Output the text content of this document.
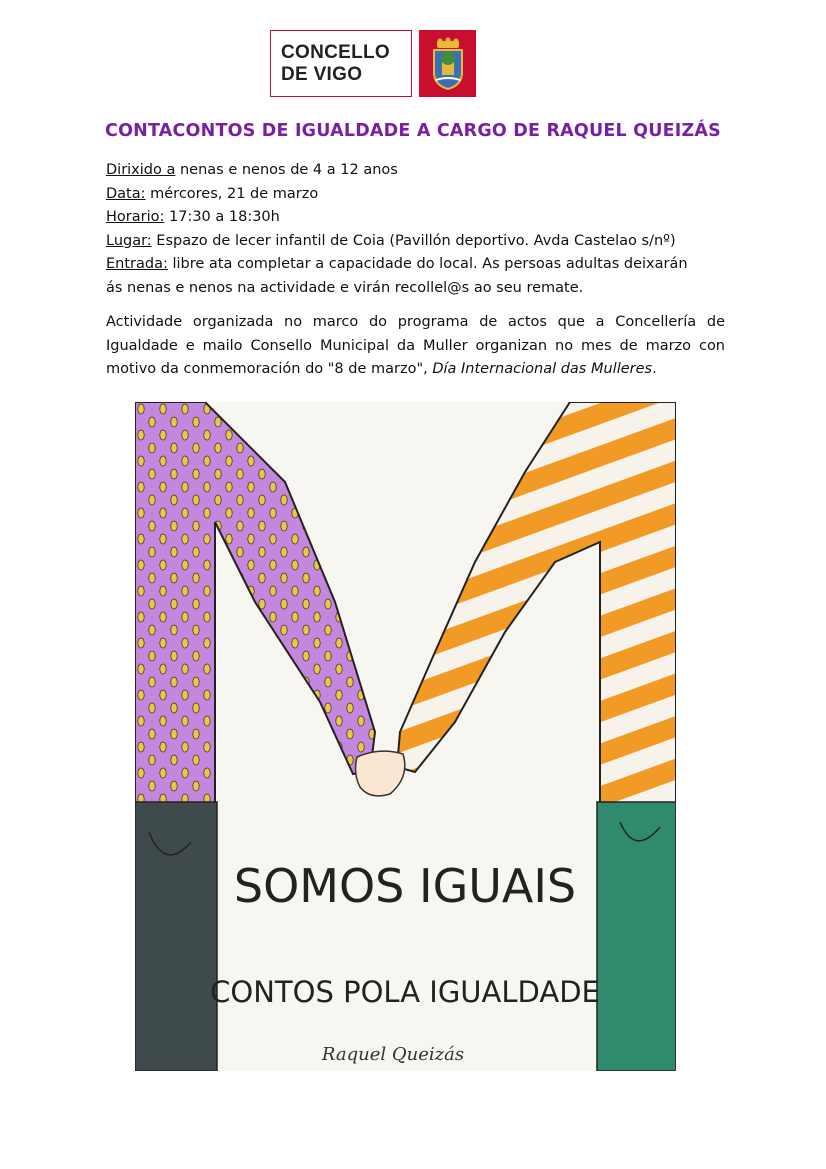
CONCELLO
DE VIGO
CONTACONTOS DE IGUALDADE A CARGO DE RAQUEL QUEIZÁS
Dirixido a nenas e nenos de 4 a 12 anos
Data: mércores, 21 de marzo
Horario: 17:30 a 18:30h
Lugar: Espazo de lecer infantil de Coia (Pavillón deportivo. Avda Castelao s/nº)
Entrada: libre ata completar a capacidade do local. As persoas adultas deixarán
ás nenas e nenos na actividade e virán recollel@s ao seu remate.
Actividade organizada no marco do programa de actos que a Concellería de Igualdade e mailo Consello Municipal da Muller organizan no mes de marzo con motivo da conmemoración do "8 de marzo", Día Internacional das Mulleres.
SOMOS IGUAIS
CONTOS POLA IGUALDADE
Raquel Queizás
